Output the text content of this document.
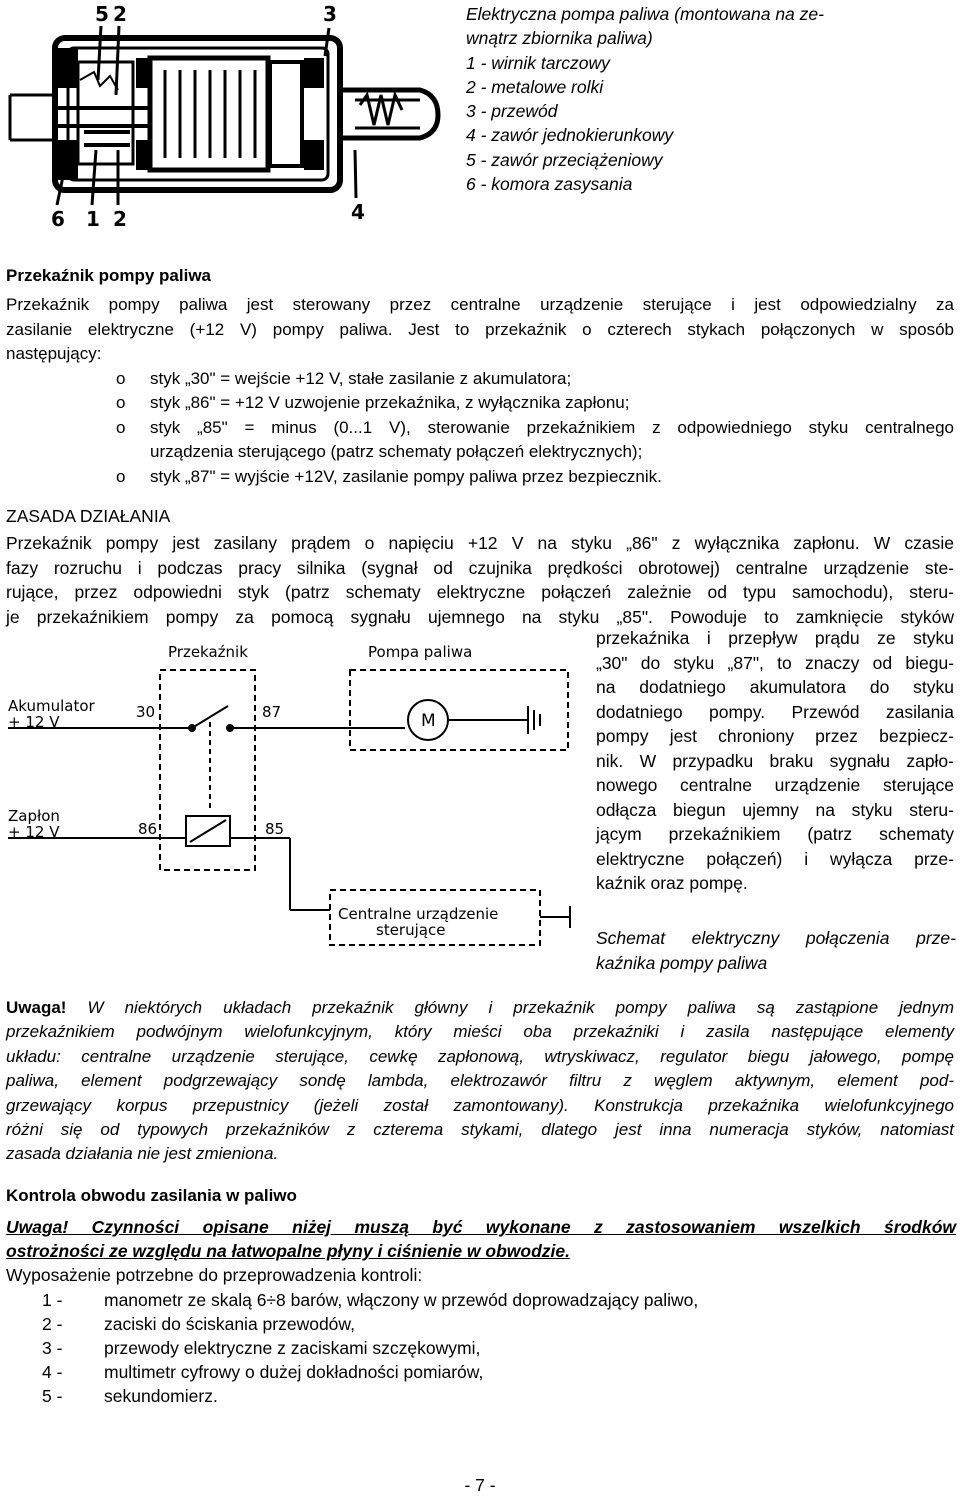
5 2	3
6 1 2	4
Elektryczna pompa paliwa (montowana na ze-
wnątrz zbiornika paliwa)
1 - wirnik tarczowy
2 - metalowe rolki
3 - przewód
4 - zawór jednokierunkowy
5 - zawór przeciążeniowy
6 - komora zasysania
Przekaźnik pompy paliwa
Przekaźnik pompy paliwa jest sterowany przez centralne urządzenie sterujące i jest odpowiedzialny za
zasilanie elektryczne (+12 V) pompy paliwa. Jest to przekaźnik o czterech stykach połączonych w sposób
następujący:
o styk „30" = wejście +12 V, stałe zasilanie z akumulatora;
o styk „86" = +12 V uzwojenie przekaźnika, z wyłącznika zapłonu;
o styk „85" = minus (0...1 V), sterowanie przekaźnikiem z odpowiedniego styku centralnego
urządzenia sterującego (patrz schematy połączeń elektrycznych);
o styk „87" = wyjście +12V, zasilanie pompy paliwa przez bezpiecznik.
ZASADA DZIAŁANIA
Przekaźnik pompy jest zasilany prądem o napięciu +12 V na styku „86" z wyłącznika zapłonu. W czasie
fazy rozruchu i podczas pracy silnika (sygnał od czujnika prędkości obrotowej) centralne urządzenie ste-
rujące, przez odpowiedni styk (patrz schematy elektryczne połączeń zależnie od typu samochodu), steru-
je przekaźnikiem pompy za pomocą sygnału ujemnego na styku „85". Powoduje to zamknięcie styków
przekaźnika i przepływ prądu ze styku
„30" do styku „87", to znaczy od biegu-
na dodatniego akumulatora do styku
dodatniego pompy. Przewód zasilania
pompy jest chroniony przez bezpiecz-
nik. W przypadku braku sygnału zapło-
nowego centralne urządzenie sterujące
odłącza biegun ujemny na styku steru-
jącym przekaźnikiem (patrz schematy
elektryczne połączeń) i wyłącza prze-
kaźnik oraz pompę.
Przekaźnik	Pompa paliwa
Akumulator
+ 12 V
Zapłon
+ 12 V
30	87
86	85
Centralne urządzenie
sterujące
M
Schemat elektryczny połączenia prze-
kaźnika pompy paliwa
Uwaga! W niektórych układach przekaźnik główny i przekaźnik pompy paliwa są zastąpione jednym
przekaźnikiem podwójnym wielofunkcyjnym, który mieści oba przekaźniki i zasila następujące elementy
układu: centralne urządzenie sterujące, cewkę zapłonową, wtryskiwacz, regulator biegu jałowego, pompę
paliwa, element podgrzewający sondę lambda, elektrozawór filtru z węglem aktywnym, element pod-
grzewający korpus przepustnicy (jeżeli został zamontowany). Konstrukcja przekaźnika wielofunkcyjnego
różni się od typowych przekaźników z czterema stykami, dlatego jest inna numeracja styków, natomiast
zasada działania nie jest zmieniona.
Kontrola obwodu zasilania w paliwo
Uwaga! Czynności opisane niżej muszą być wykonane z zastosowaniem wszelkich środków
ostrożności ze względu na łatwopalne płyny i ciśnienie w obwodzie.
Wyposażenie potrzebne do przeprowadzenia kontroli:
1 - manometr ze skalą 6÷8 barów, włączony w przewód doprowadzający paliwo,
2 - zaciski do ściskania przewodów,
3 - przewody elektryczne z zaciskami szczękowymi,
4 - multimetr cyfrowy o dużej dokładności pomiarów,
5 - sekundomierz.
- 7 -
